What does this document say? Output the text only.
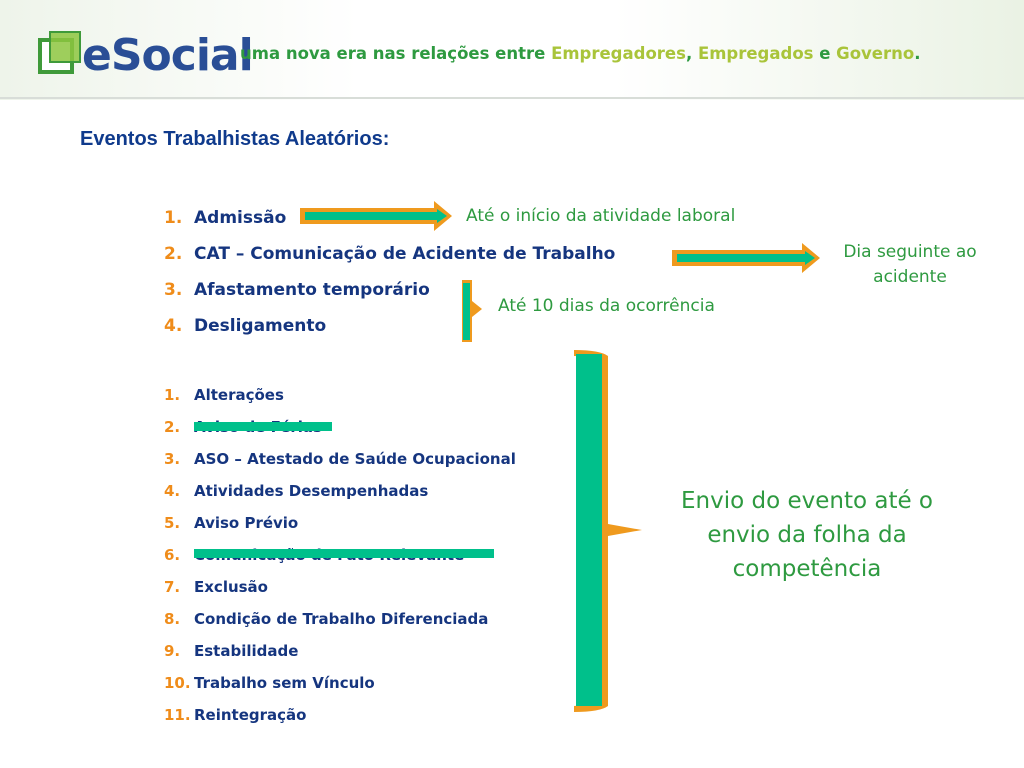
eSocial
uma nova era nas relações entre Empregadores, Empregados e Governo.
Eventos Trabalhistas Aleatórios:
1. Admissão
2. CAT – Comunicação de Acidente de Trabalho
3. Afastamento temporário
4. Desligamento
1. Alterações
2.
3. ASO – Atestado de Saúde Ocupacional
4. Atividades Desempenhadas
5. Aviso Prévio
6.
7. Exclusão
8. Condição de Trabalho Diferenciada
9. Estabilidade
10. Trabalho sem Vínculo
11. Reintegração
Até o início da atividade laboral
Dia seguinte ao
acidente
Até 10 dias da ocorrência
Envio do evento até o
envio da folha da
competência
